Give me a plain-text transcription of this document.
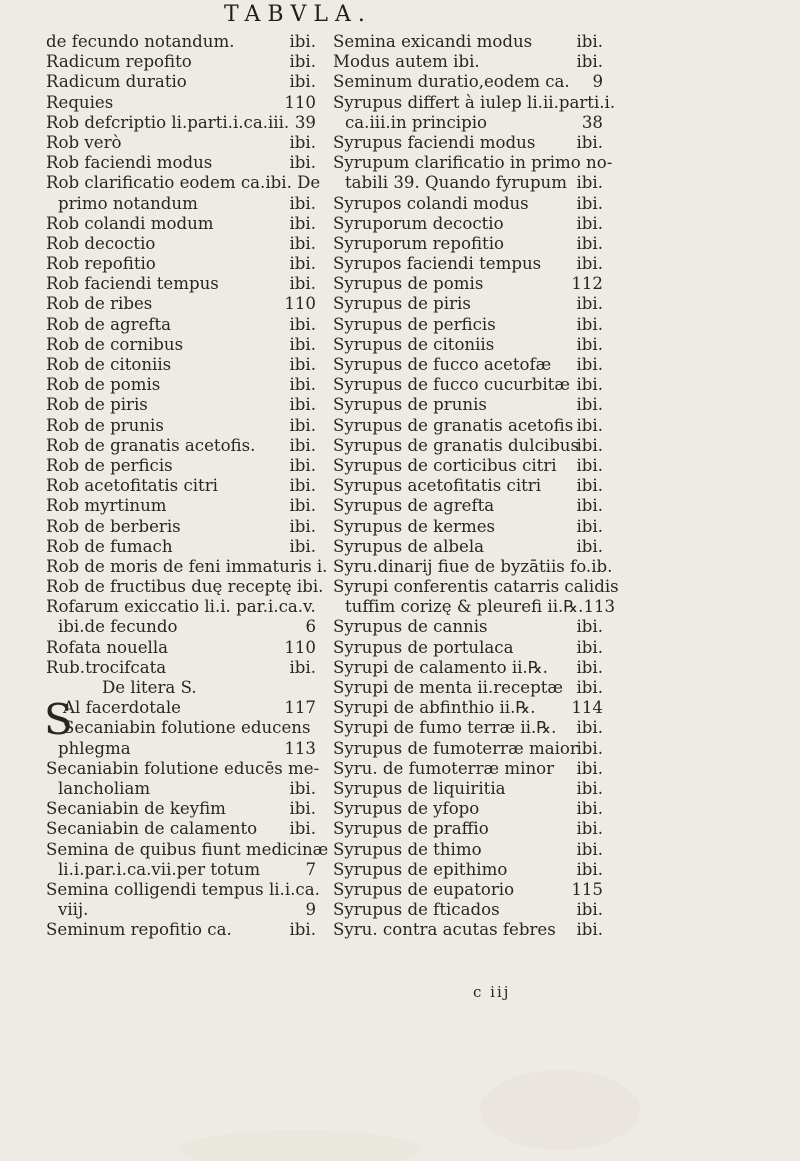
TABVLA.
de fecundo notandum.	ibi.
Radicum repofito	ibi.
Radicum duratio	ibi.
Requies	110
Rob defcriptio li.parti.i.ca.iii. 39
Rob verò	ibi.
Rob faciendi modus	ibi.
Rob clarificatio eodem ca.ibi. De
primo notandum	ibi.
Rob colandi modum	ibi.
Rob decoctio	ibi.
Rob repofitio	ibi.
Rob faciendi tempus	ibi.
Rob de ribes	110
Rob de agrefta	ibi.
Rob de cornibus	ibi.
Rob de citoniis	ibi.
Rob de pomis	ibi.
Rob de piris	ibi.
Rob de prunis	ibi.
Rob de granatis acetofis. ibi.
Rob de perficis	ibi.
Rob acetofitatis citri	ibi.
Rob myrtinum	ibi.
Rob de berberis	ibi.
Rob de fumach	ibi.
Rob de moris de feni immaturis i.
Rob de fructibus duę receptę ibi.
Rofarum exiccatio li.i. par.i.ca.v.
ibi.de fecundo	6
Rofata nouella	110
Rub.trocifcata	ibi.
De litera S.
S
Al facerdotale	117
Secaniabin folutione educens
phlegma	113
Secaniabin folutione educēs me-
lancholiam	ibi.
Secaniabin de keyfim	ibi.
Secaniabin de calamento ibi.
Semina de quibus fiunt medicinæ
li.i.par.i.ca.vii.per totum	7
Semina colligendi tempus li.i.ca.
viij.	9
Seminum repofitio ca.	ibi.
Semina exicandi modus	ibi.
Modus autem ibi.	ibi.
Seminum duratio,eodem ca. 9
Syrupus differt à iulep li.ii.parti.i.
ca.iii.in principio	38
Syrupus faciendi modus ibi.
Syrupum clarificatio in primo no-
tabili 39. Quando fyrupum ibi.
Syrupos colandi modus	ibi.
Syruporum decoctio	ibi.
Syruporum repofitio	ibi.
Syrupos faciendi tempus ibi.
Syrupus de pomis	112
Syrupus de piris	ibi.
Syrupus de perficis	ibi.
Syrupus de citoniis	ibi.
Syrupus de fucco acetofæ ibi.
Syrupus de fucco cucurbitæ ibi.
Syrupus de prunis	ibi.
Syrupus de granatis acetofis ibi.
Syrupus de granatis dulcibus
ibi.
Syrupus de corticibus citri ibi.
Syrupus acetofitatis citri ibi.
Syrupus de agrefta	ibi.
Syrupus de kermes	ibi.
Syrupus de albela	ibi.
Syru.dinarij fiue de byzātiis fo.ib.
Syrupi conferentis catarris calidis
tuffim corizę & pleurefi ii.℞.113
Syrupus de cannis	ibi.
Syrupus de portulaca	ibi.
Syrupi de calamento ii.℞. ibi.
Syrupi de menta ii.receptæ ibi.
Syrupi de abfinthio ii.℞. 114
Syrupi de fumo terræ ii.℞. ibi.
Syrupus de fumoterræ maior
ibi.
Syru. de fumoterræ minor ibi.
Syrupus de liquiritia	ibi.
Syrupus de yfopo	ibi.
Syrupus de praffio	ibi.
Syrupus de thimo	ibi.
Syrupus de epithimo	ibi.
Syrupus de eupatorio	115
Syrupus de fticados	ibi.
Syru. contra acutas febres ibi.
c iij
